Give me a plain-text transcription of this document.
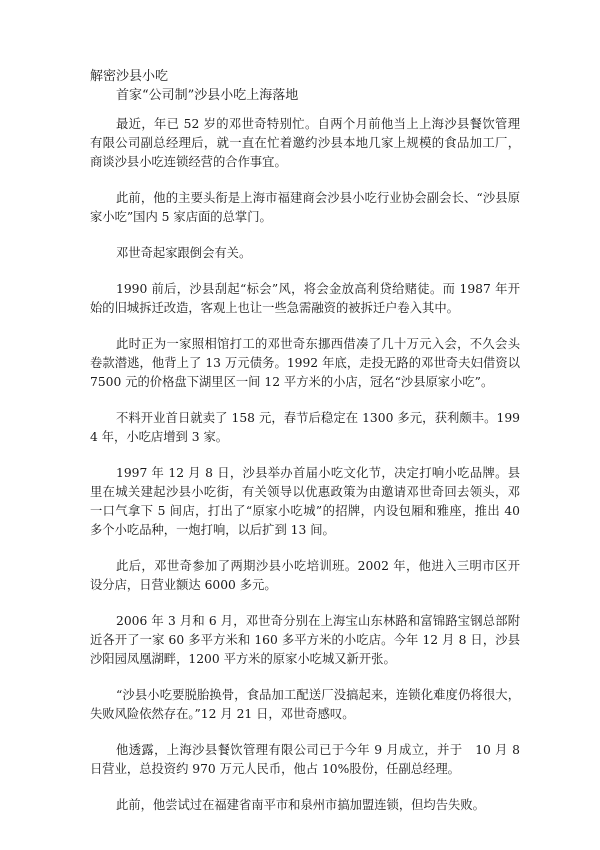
解密沙县小吃

首家“公司制”沙县小吃上海落地

最近，年已 52 岁的邓世奇特别忙。自两个月前他当上上海沙县餐饮管理有限公司副总经理后，就一直在忙着邀约沙县本地几家上规模的食品加工厂，商谈沙县小吃连锁经营的合作事宜。

此前，他的主要头衔是上海市福建商会沙县小吃行业协会副会长、“沙县原家小吃”国内 5 家店面的总掌门。

邓世奇起家跟倒会有关。

1990 前后，沙县刮起“标会”风，将会金放高利贷给赌徒。而 1987 年开始的旧城拆迁改造，客观上也让一些急需融资的被拆迁户卷入其中。

此时正为一家照相馆打工的邓世奇东挪西借凑了几十万元入会，不久会头卷款潜逃，他背上了 13 万元债务。1992 年底，走投无路的邓世奇夫妇借资以 7500 元的价格盘下湖里区一间 12 平方米的小店，冠名“沙县原家小吃”。

不料开业首日就卖了 158 元，春节后稳定在 1300 多元，获利颇丰。1994 年，小吃店增到 3 家。

1997 年 12 月 8 日，沙县举办首届小吃文化节，决定打响小吃品牌。县里在城关建起沙县小吃街，有关领导以优惠政策为由邀请邓世奇回去领头，邓一口气拿下 5 间店，打出了“原家小吃城”的招牌，内设包厢和雅座，推出 40 多个小吃品种，一炮打响，以后扩到 13 间。

此后，邓世奇参加了两期沙县小吃培训班。2002 年，他进入三明市区开设分店，日营业额达 6000 多元。

2006 年 3 月和 6 月，邓世奇分别在上海宝山东林路和富锦路宝钢总部附近各开了一家 60 多平方米和 160 多平方米的小吃店。今年 12 月 8 日，沙县沙阳园凤凰湖畔，1200 平方米的原家小吃城又新开张。

“沙县小吃要脱胎换骨，食品加工配送厂没搞起来，连锁化难度仍将很大，失败风险依然存在。”12 月 21 日，邓世奇感叹。

他透露，上海沙县餐饮管理有限公司已于今年 9 月成立，并于　10 月 8 日营业，总投资约 970 万元人民币，他占 10%股份，任副总经理。

此前，他尝试过在福建省南平市和泉州市搞加盟连锁，但均告失败。
